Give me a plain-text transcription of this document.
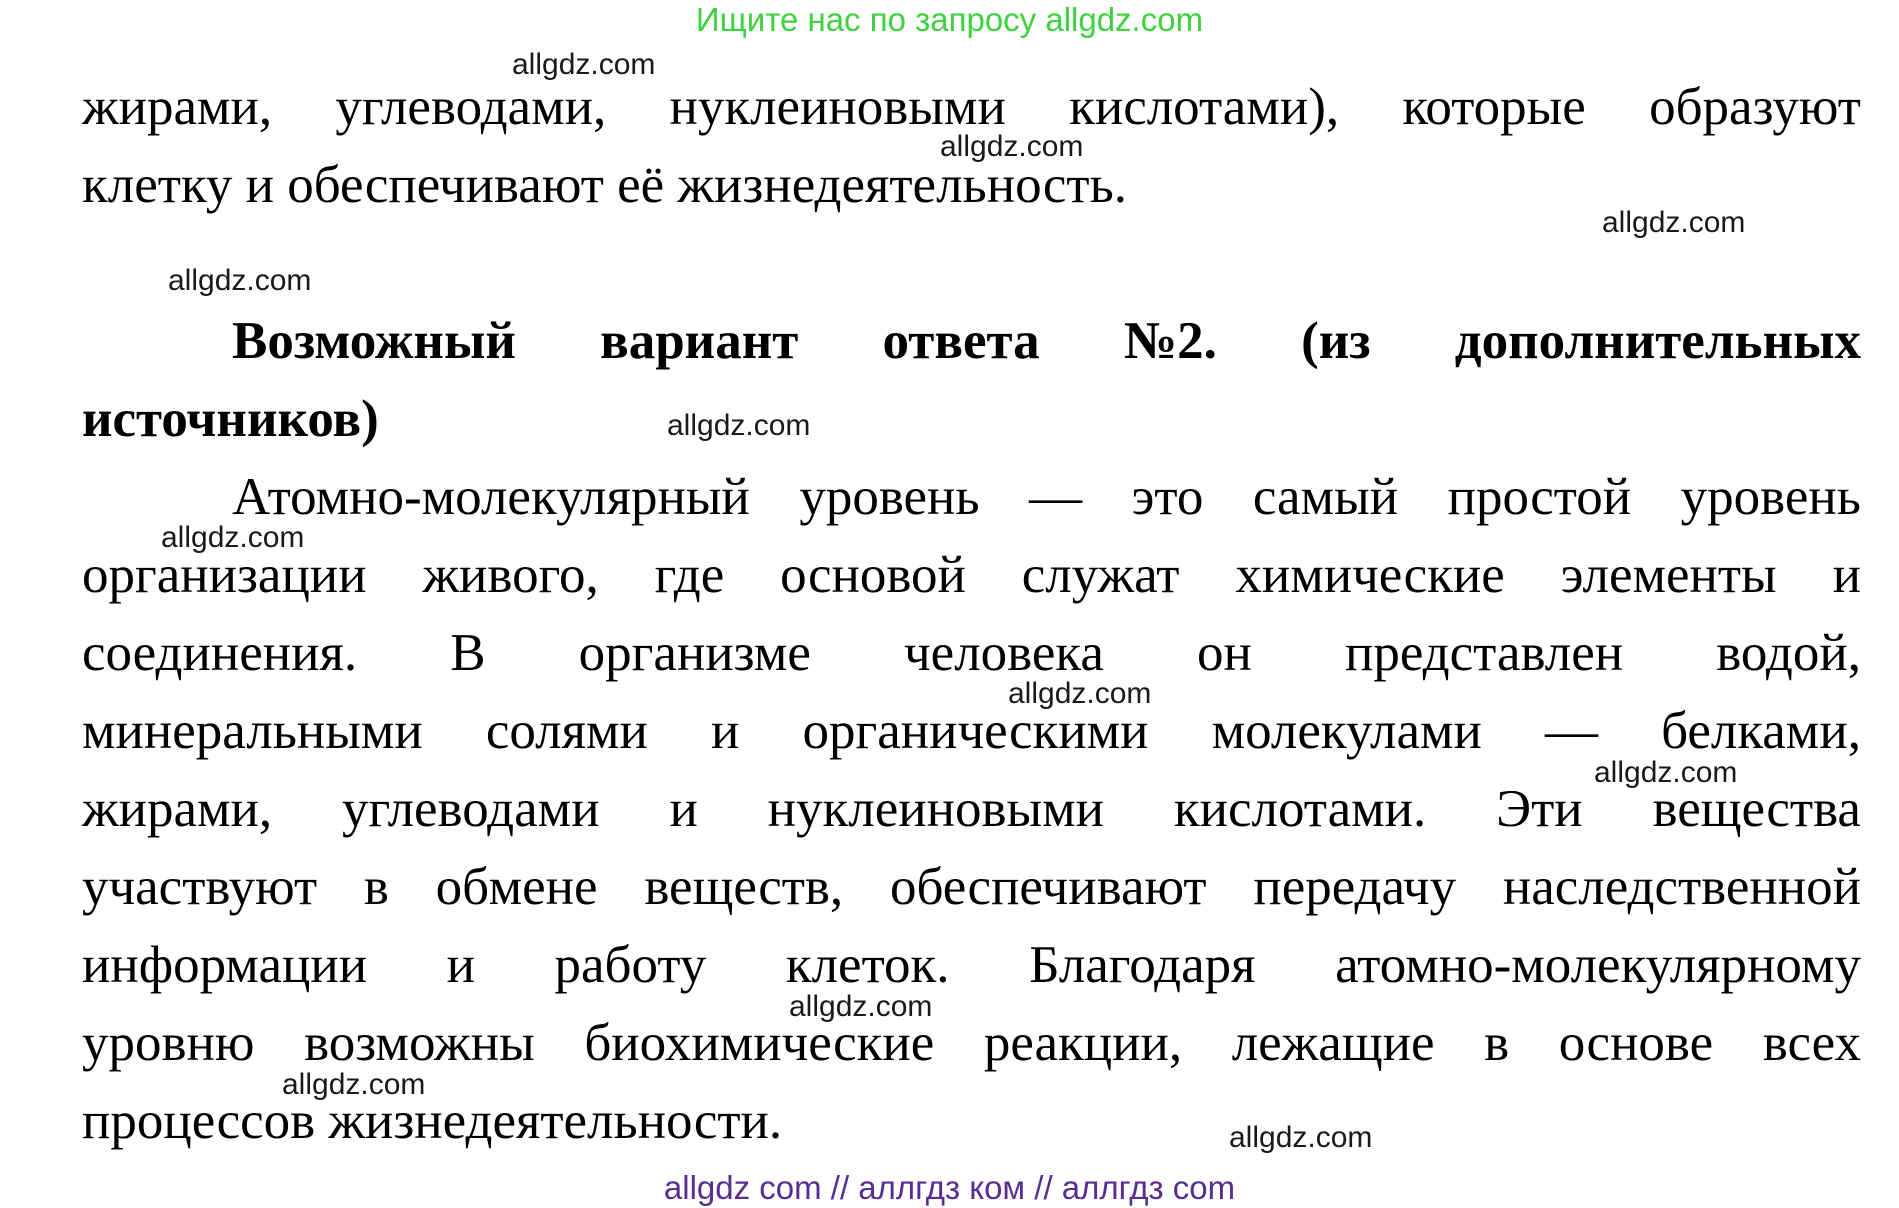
Ищите нас по запросу allgdz.com
жирами, углеводами, нуклеиновыми кислотами), которые образуют
клетку и обеспечивают её жизнедеятельность.
Возможный вариант ответа №2. (из дополнительных
источников)
Атомно-молекулярный уровень — это самый простой уровень
организации живого, где основой служат химические элементы и
соединения. В организме человека он представлен водой,
минеральными солями и органическими молекулами — белками,
жирами, углеводами и нуклеиновыми кислотами. Эти вещества
участвуют в обмене веществ, обеспечивают передачу наследственной
информации и работу клеток. Благодаря атомно-молекулярному
уровню возможны биохимические реакции, лежащие в основе всех
процессов жизнедеятельности.
allgdz com // аллгдз ком // аллгдз com
allgdz.com
allgdz.com
allgdz.com
allgdz.com
allgdz.com
allgdz.com
allgdz.com
allgdz.com
allgdz.com
allgdz.com
allgdz.com
